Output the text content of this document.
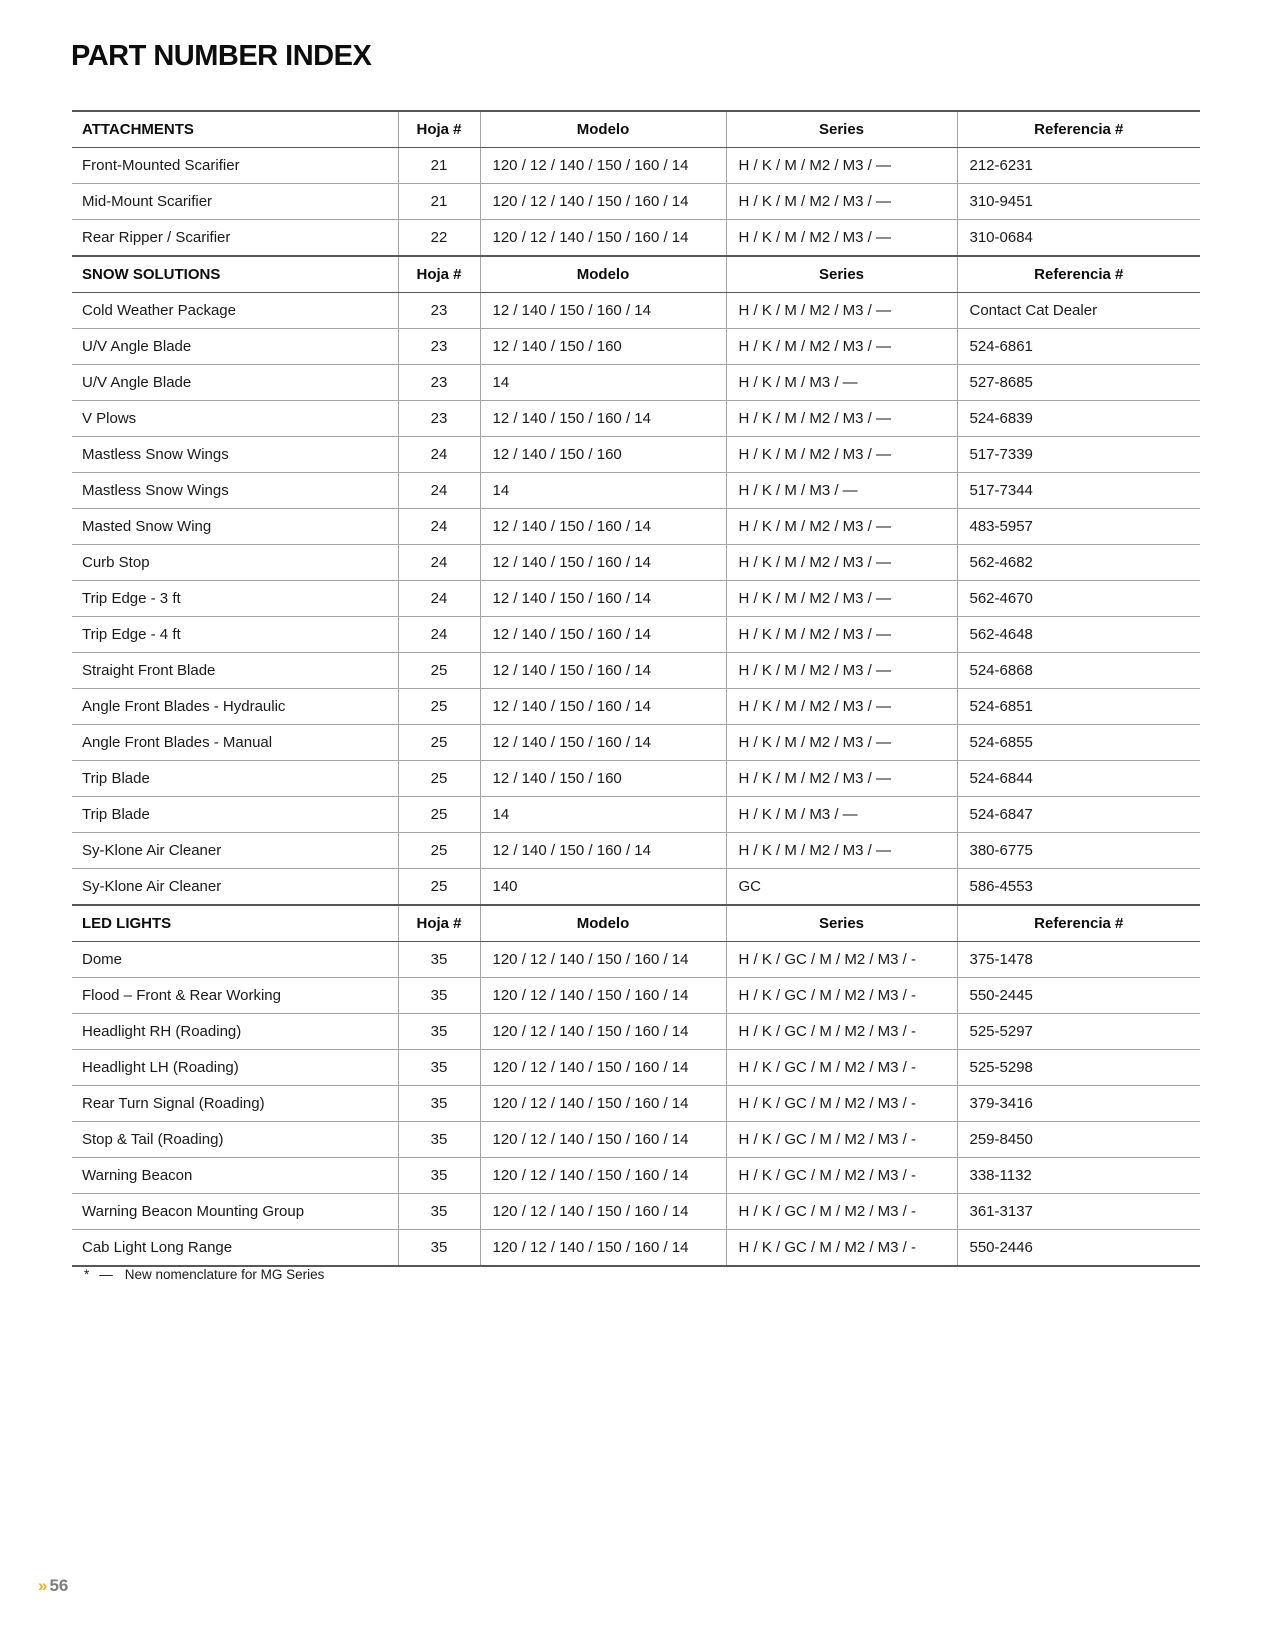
PART NUMBER INDEX
ATTACHMENTS	Hoja #	Modelo	Series	Referencia #
Front-Mounted Scarifier	21	120 / 12 / 140 / 150 / 160 / 14	H / K / M / M2 / M3 / —	212-6231
Mid-Mount Scarifier	21	120 / 12 / 140 / 150 / 160 / 14	H / K / M / M2 / M3 / —	310-9451
Rear Ripper / Scarifier	22	120 / 12 / 140 / 150 / 160 / 14	H / K / M / M2 / M3 / —	310-0684
SNOW SOLUTIONS	Hoja #	Modelo	Series	Referencia #
Cold Weather Package	23	12 / 140 / 150 / 160 / 14	H / K / M / M2 / M3 / —	Contact Cat Dealer
U/V Angle Blade	23	12 / 140 / 150 / 160	H / K / M / M2 / M3 / —	524-6861
U/V Angle Blade	23	14	H / K / M / M3 / —	527-8685
V Plows	23	12 / 140 / 150 / 160 / 14	H / K / M / M2 / M3 / —	524-6839
Mastless Snow Wings	24	12 / 140 / 150 / 160	H / K / M / M2 / M3 / —	517-7339
Mastless Snow Wings	24	14	H / K / M / M3 / —	517-7344
Masted Snow Wing	24	12 / 140 / 150 / 160 / 14	H / K / M / M2 / M3 / —	483-5957
Curb Stop	24	12 / 140 / 150 / 160 / 14	H / K / M / M2 / M3 / —	562-4682
Trip Edge - 3 ft	24	12 / 140 / 150 / 160 / 14	H / K / M / M2 / M3 / —	562-4670
Trip Edge - 4 ft	24	12 / 140 / 150 / 160 / 14	H / K / M / M2 / M3 / —	562-4648
Straight Front Blade	25	12 / 140 / 150 / 160 / 14	H / K / M / M2 / M3 / —	524-6868
Angle Front Blades - Hydraulic	25	12 / 140 / 150 / 160 / 14	H / K / M / M2 / M3 / —	524-6851
Angle Front Blades - Manual	25	12 / 140 / 150 / 160 / 14	H / K / M / M2 / M3 / —	524-6855
Trip Blade	25	12 / 140 / 150 / 160	H / K / M / M2 / M3 / —	524-6844
Trip Blade	25	14	H / K / M / M3 / —	524-6847
Sy-Klone Air Cleaner	25	12 / 140 / 150 / 160 / 14	H / K / M / M2 / M3 / —	380-6775
Sy-Klone Air Cleaner	25	140	GC	586-4553
LED LIGHTS	Hoja #	Modelo	Series	Referencia #
Dome	35	120 / 12 / 140 / 150 / 160 / 14	H / K / GC / M / M2 / M3 / -	375-1478
Flood – Front & Rear Working	35	120 / 12 / 140 / 150 / 160 / 14	H / K / GC / M / M2 / M3 / -	550-2445
Headlight RH (Roading)	35	120 / 12 / 140 / 150 / 160 / 14	H / K / GC / M / M2 / M3 / -	525-5297
Headlight LH (Roading)	35	120 / 12 / 140 / 150 / 160 / 14	H / K / GC / M / M2 / M3 / -	525-5298
Rear Turn Signal (Roading)	35	120 / 12 / 140 / 150 / 160 / 14	H / K / GC / M / M2 / M3 / -	379-3416
Stop & Tail (Roading)	35	120 / 12 / 140 / 150 / 160 / 14	H / K / GC / M / M2 / M3 / -	259-8450
Warning Beacon	35	120 / 12 / 140 / 150 / 160 / 14	H / K / GC / M / M2 / M3 / -	338-1132
Warning Beacon Mounting Group	35	120 / 12 / 140 / 150 / 160 / 14	H / K / GC / M / M2 / M3 / -	361-3137
Cab Light Long Range	35	120 / 12 / 140 / 150 / 160 / 14	H / K / GC / M / M2 / M3 / -	550-2446
* — New nomenclature for MG Series
» 56
